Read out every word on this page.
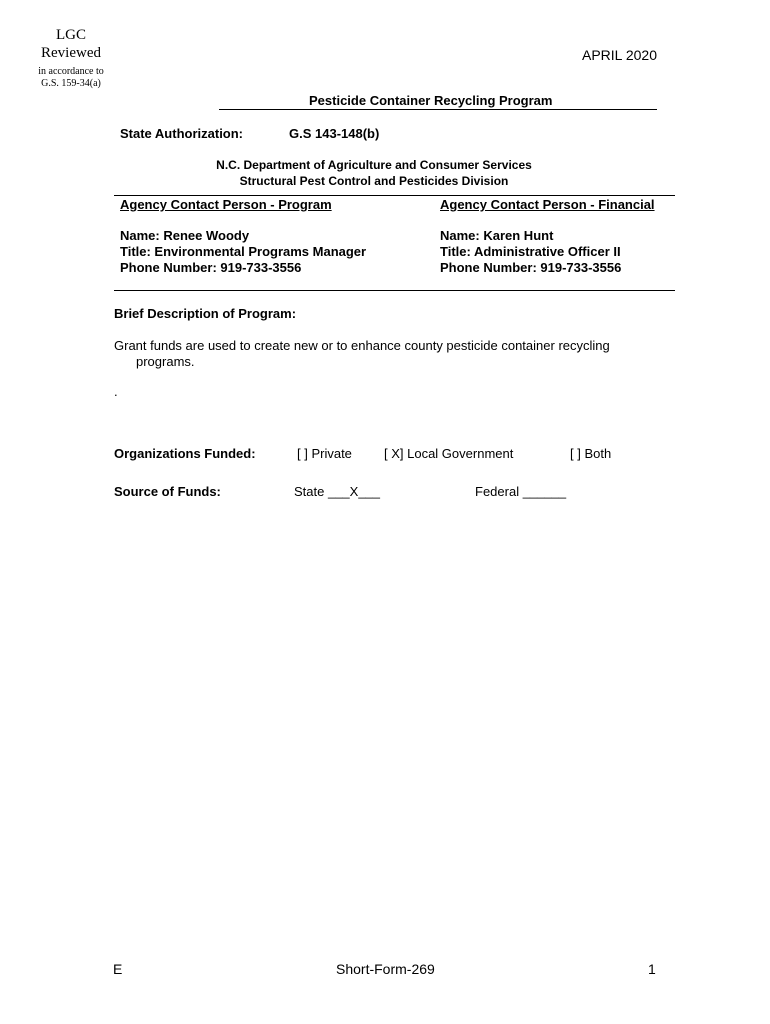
LGC
Reviewed
in accordance to
G.S. 159-34(a)
APRIL 2020
Pesticide Container Recycling Program
State Authorization:	G.S 143-148(b)
N.C. Department of Agriculture and Consumer Services
Structural Pest Control and Pesticides Division
Agency Contact Person - Program
Name: Renee Woody
Title: Environmental Programs Manager
Phone Number: 919-733-3556
Agency Contact Person - Financial
Name: Karen Hunt
Title: Administrative Officer II
Phone Number: 919-733-3556
Brief Description of Program:
Grant funds are used to create new or to enhance county pesticide container recycling
programs.
.
Organizations Funded:	[ ] Private [ X] Local Government	[ ] Both
Source of Funds:	State ___X___	Federal ______
E	Short-Form-269	1
